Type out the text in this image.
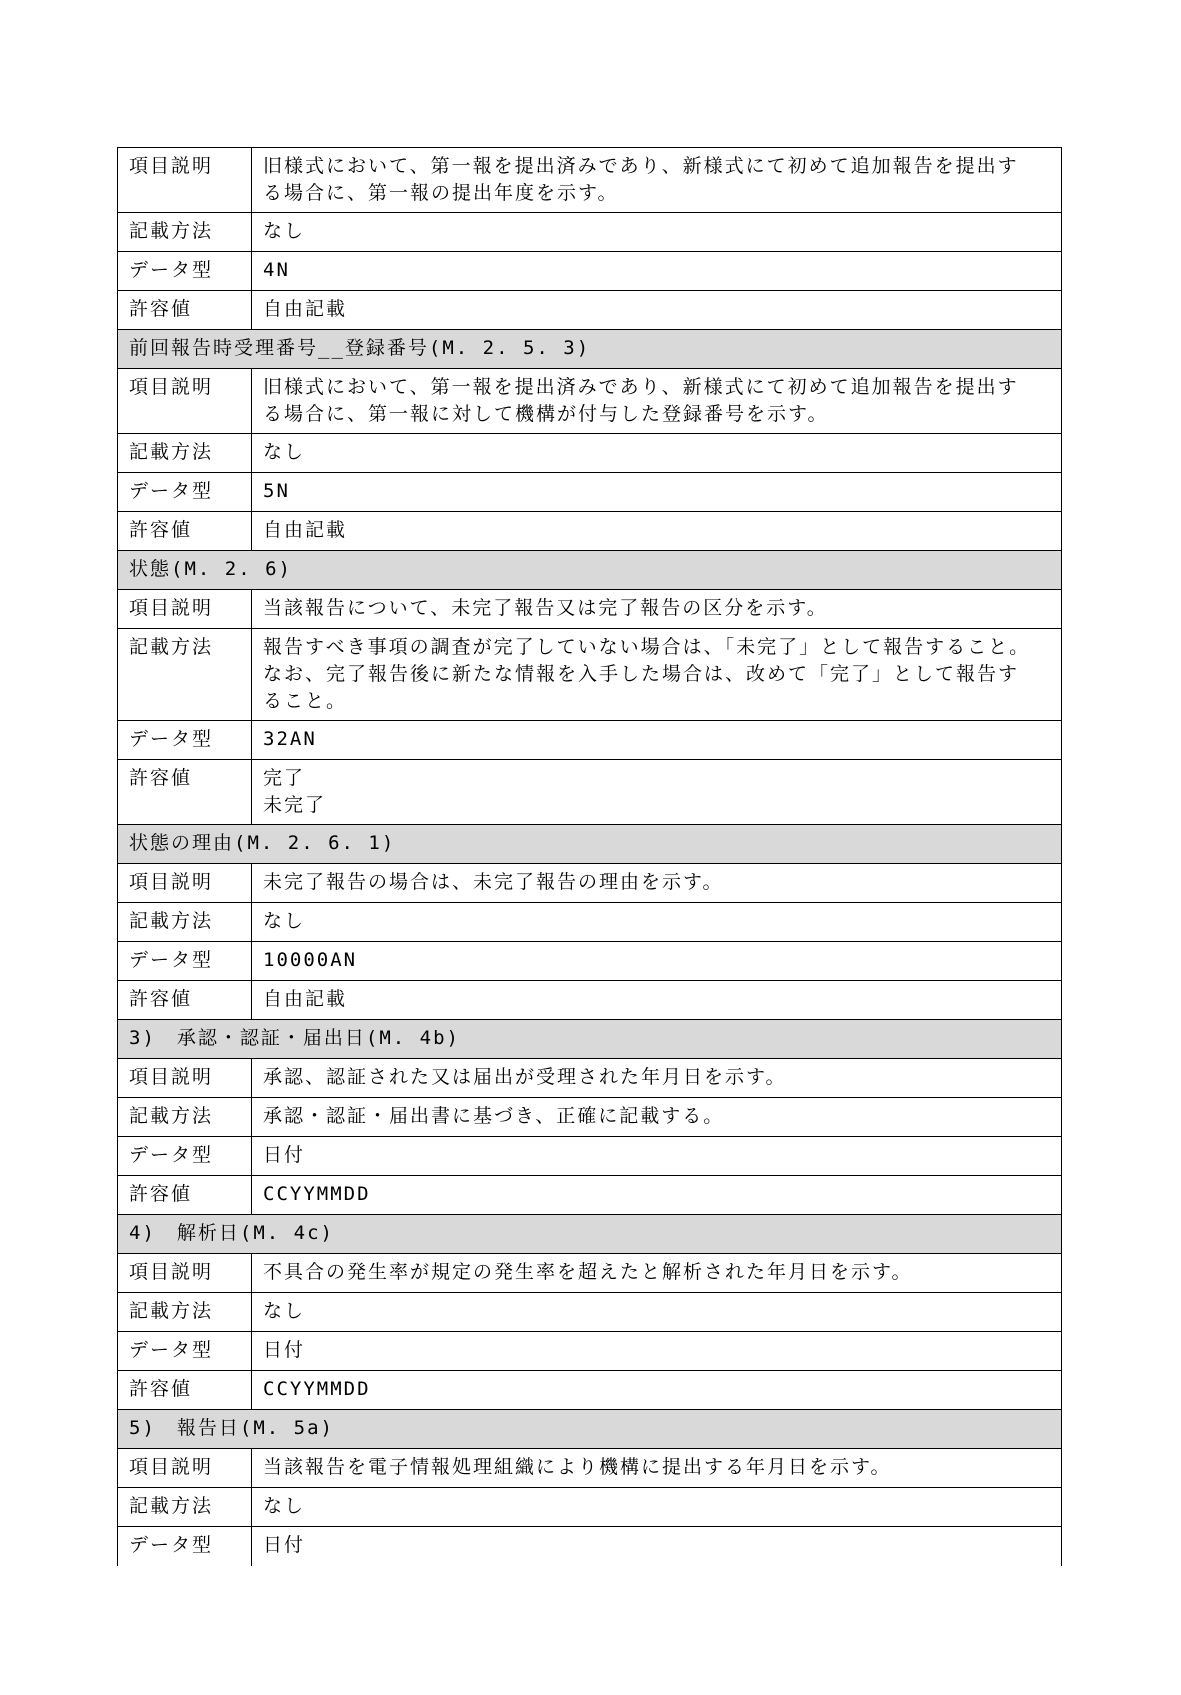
項目説明	旧様式において、第一報を提出済みであり、新様式にて初めて追加報告を提出す
る場合に、第一報の提出年度を示す。

記載方法	なし
データ型	4N
許容値	自由記載
前回報告時受理番号__登録番号(M. 2. 5. 3)	
項目説明	旧様式において、第一報を提出済みであり、新様式にて初めて追加報告を提出す
る場合に、第一報に対して機構が付与した登録番号を示す。

記載方法	なし
データ型	5N
許容値	自由記載
状態(M. 2. 6)	
項目説明	当該報告について、未完了報告又は完了報告の区分を示す。
記載方法	報告すべき事項の調査が完了していない場合は、「未完了」として報告すること。
なお、完了報告後に新たな情報を入手した場合は、改めて「完了」として報告す
ること。

データ型	32AN
許容値	完了
未完了

状態の理由(M. 2. 6. 1)	
項目説明	未完了報告の場合は、未完了報告の理由を示す。
記載方法	なし
データ型	10000AN
許容値	自由記載
3)　承認・認証・届出日(M. 4b)	
項目説明	承認、認証された又は届出が受理された年月日を示す。
記載方法	承認・認証・届出書に基づき、正確に記載する。
データ型	日付
許容値	CCYYMMDD
4)　解析日(M. 4c)	
項目説明	不具合の発生率が規定の発生率を超えたと解析された年月日を示す。
記載方法	なし
データ型	日付
許容値	CCYYMMDD
5)　報告日(M. 5a)	
項目説明	当該報告を電子情報処理組織により機構に提出する年月日を示す。
記載方法	なし
データ型	日付
